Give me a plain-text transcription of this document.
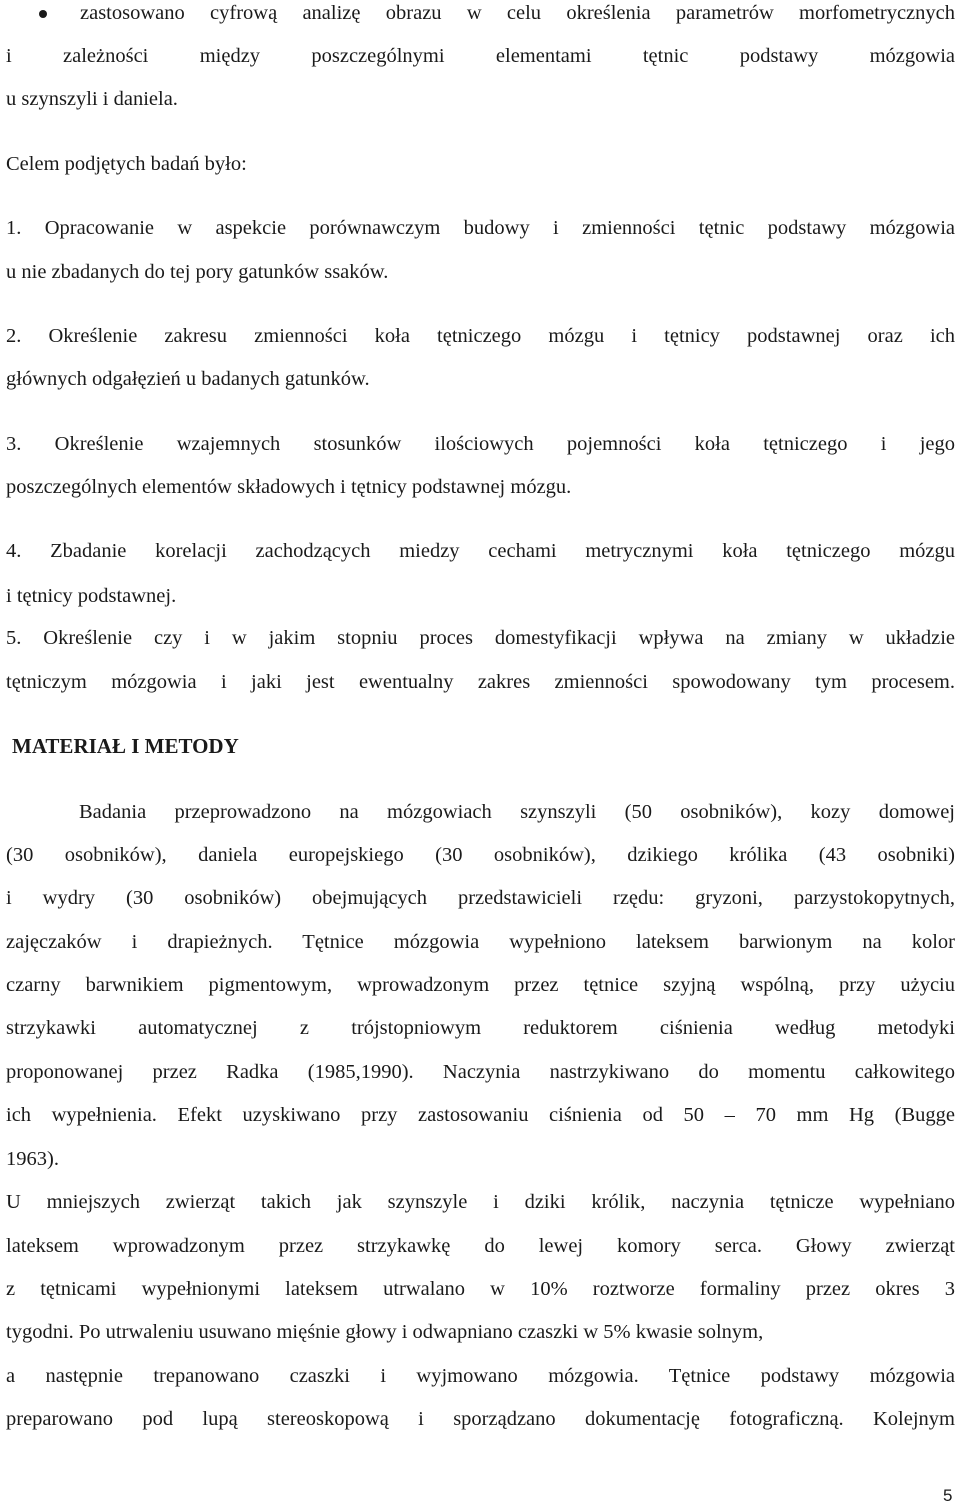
zastosowano cyfrową analizę obrazu w celu określenia parametrów morfometrycznych
i zależności między poszczególnymi elementami tętnic podstawy mózgowia
u szynszyli i daniela.
Celem podjętych badań było:
1. Opracowanie w aspekcie porównawczym budowy i zmienności tętnic podstawy mózgowia
u nie zbadanych do tej pory gatunków ssaków.
2. Określenie zakresu zmienności koła tętniczego mózgu i tętnicy podstawnej oraz ich
głównych odgałęzień u badanych gatunków.
3. Określenie wzajemnych stosunków ilościowych pojemności koła tętniczego i jego
poszczególnych elementów składowych i tętnicy podstawnej mózgu.
4. Zbadanie korelacji zachodzących miedzy cechami metrycznymi koła tętniczego mózgu
i tętnicy podstawnej.
5. Określenie czy i w jakim stopniu proces domestyfikacji wpływa na zmiany w układzie
tętniczym mózgowia i jaki jest ewentualny zakres zmienności spowodowany tym procesem.
MATERIAŁ I METODY
Badania przeprowadzono na mózgowiach szynszyli (50 osobników), kozy domowej
(30 osobników), daniela europejskiego (30 osobników), dzikiego królika (43 osobniki)
i wydry (30 osobników) obejmujących przedstawicieli rzędu: gryzoni, parzystokopytnych,
zajęczaków i drapieżnych. Tętnice mózgowia wypełniono lateksem barwionym na kolor
czarny barwnikiem pigmentowym, wprowadzonym przez tętnice szyjną wspólną, przy użyciu
strzykawki automatycznej z trójstopniowym reduktorem ciśnienia według metodyki
proponowanej przez Radka (1985,1990). Naczynia nastrzykiwano do momentu całkowitego
ich wypełnienia. Efekt uzyskiwano przy zastosowaniu ciśnienia od 50 – 70 mm Hg (Bugge
1963).
U mniejszych zwierząt takich jak szynszyle i dziki królik, naczynia tętnicze wypełniano
lateksem wprowadzonym przez strzykawkę do lewej komory serca. Głowy zwierząt
z tętnicami wypełnionymi lateksem utrwalano w 10% roztworze formaliny przez okres 3
tygodni. Po utrwaleniu usuwano mięśnie głowy i odwapniano czaszki w 5% kwasie solnym,
a następnie trepanowano czaszki i wyjmowano mózgowia. Tętnice podstawy mózgowia
preparowano pod lupą stereoskopową i sporządzano dokumentację fotograficzną. Kolejnym
5
